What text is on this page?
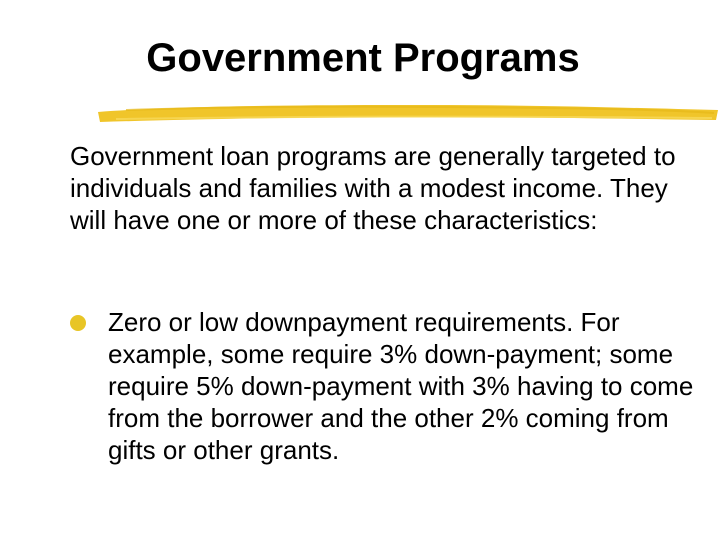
Government Programs

Government loan programs are generally targeted to individuals and families with a modest income. They will have one or more of these characteristics:

Zero or low downpayment requirements. For example, some require 3% down-payment; some require 5% down-payment with 3% having to come from the borrower and the other 2% coming from gifts or other grants.
